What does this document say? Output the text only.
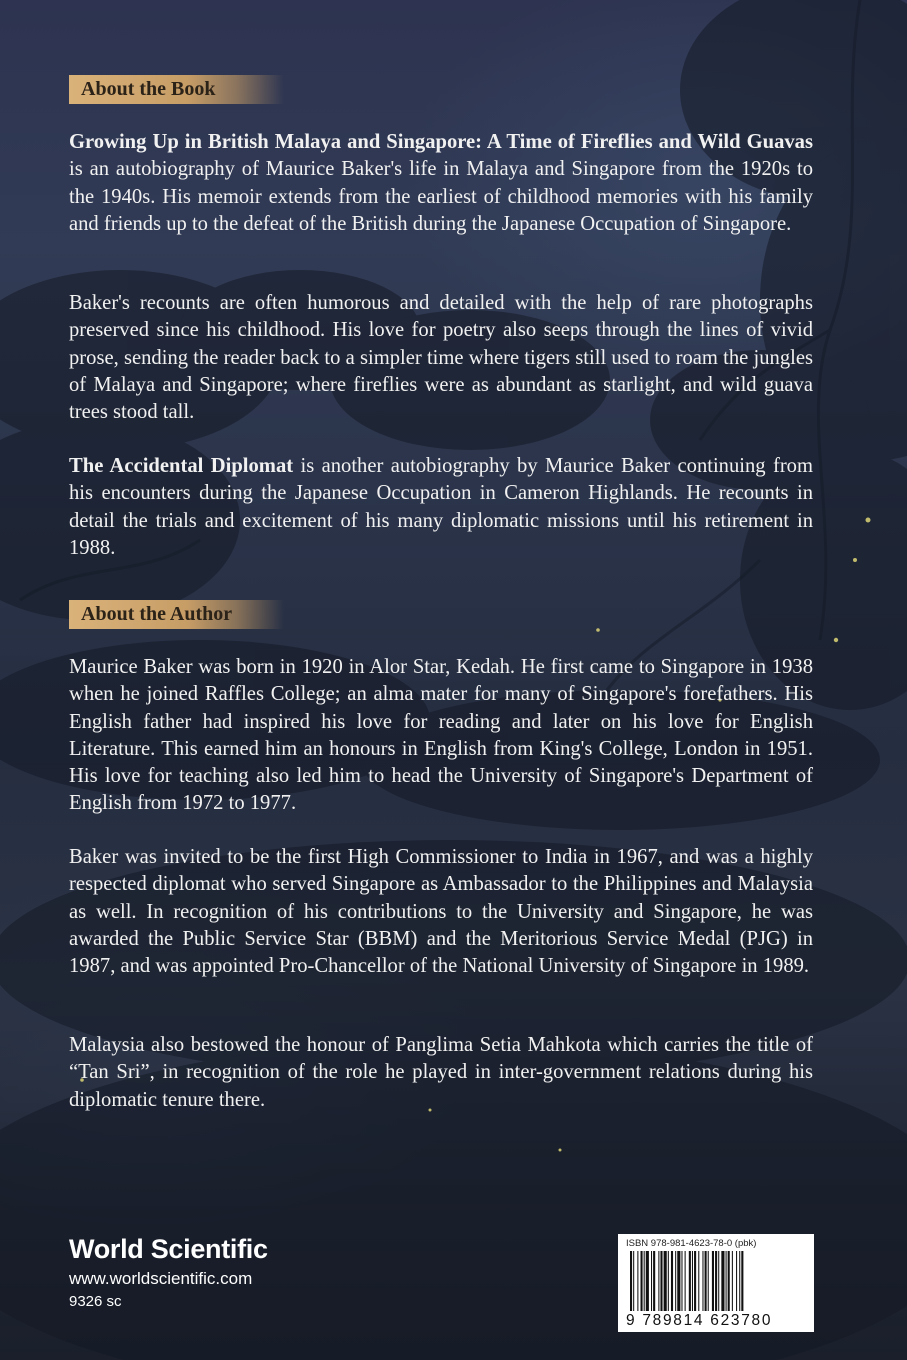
About the Book

Growing Up in British Malaya and Singapore: A Time of Fireflies and Wild Guavas is an autobiography of Maurice Baker's life in Malaya and Singapore from the 1920s to the 1940s. His memoir extends from the earliest of childhood memories with his family and friends up to the defeat of the British during the Japanese Occupation of Singapore.

Baker's recounts are often humorous and detailed with the help of rare photographs preserved since his childhood. His love for poetry also seeps through the lines of vivid prose, sending the reader back to a simpler time where tigers still used to roam the jungles of Malaya and Singapore; where fireflies were as abundant as starlight, and wild guava trees stood tall.

The Accidental Diplomat is another autobiography by Maurice Baker continuing from his encounters during the Japanese Occupation in Cameron Highlands. He recounts in detail the trials and excitement of his many diplomatic missions until his retirement in 1988.

About the Author

Maurice Baker was born in 1920 in Alor Star, Kedah. He first came to Singapore in 1938 when he joined Raffles College; an alma mater for many of Singapore's forefathers. His English father had inspired his love for reading and later on his love for English Literature. This earned him an honours in English from King's College, London in 1951. His love for teaching also led him to head the University of Singapore's Department of English from 1972 to 1977.

Baker was invited to be the first High Commissioner to India in 1967, and was a highly respected diplomat who served Singapore as Ambassador to the Philippines and Malaysia as well. In recognition of his contributions to the University and Singapore, he was awarded the Public Service Star (BBM) and the Meritorious Service Medal (PJG) in 1987, and was appointed Pro-Chancellor of the National University of Singapore in 1989.

Malaysia also bestowed the honour of Panglima Setia Mahkota which carries the title of “Tan Sri”, in recognition of the role he played in inter-government relations during his diplomatic tenure there.

World Scientific
www.worldscientific.com
9326 sc
ISBN 978-981-4623-78-0 (pbk)
9 789814 623780
